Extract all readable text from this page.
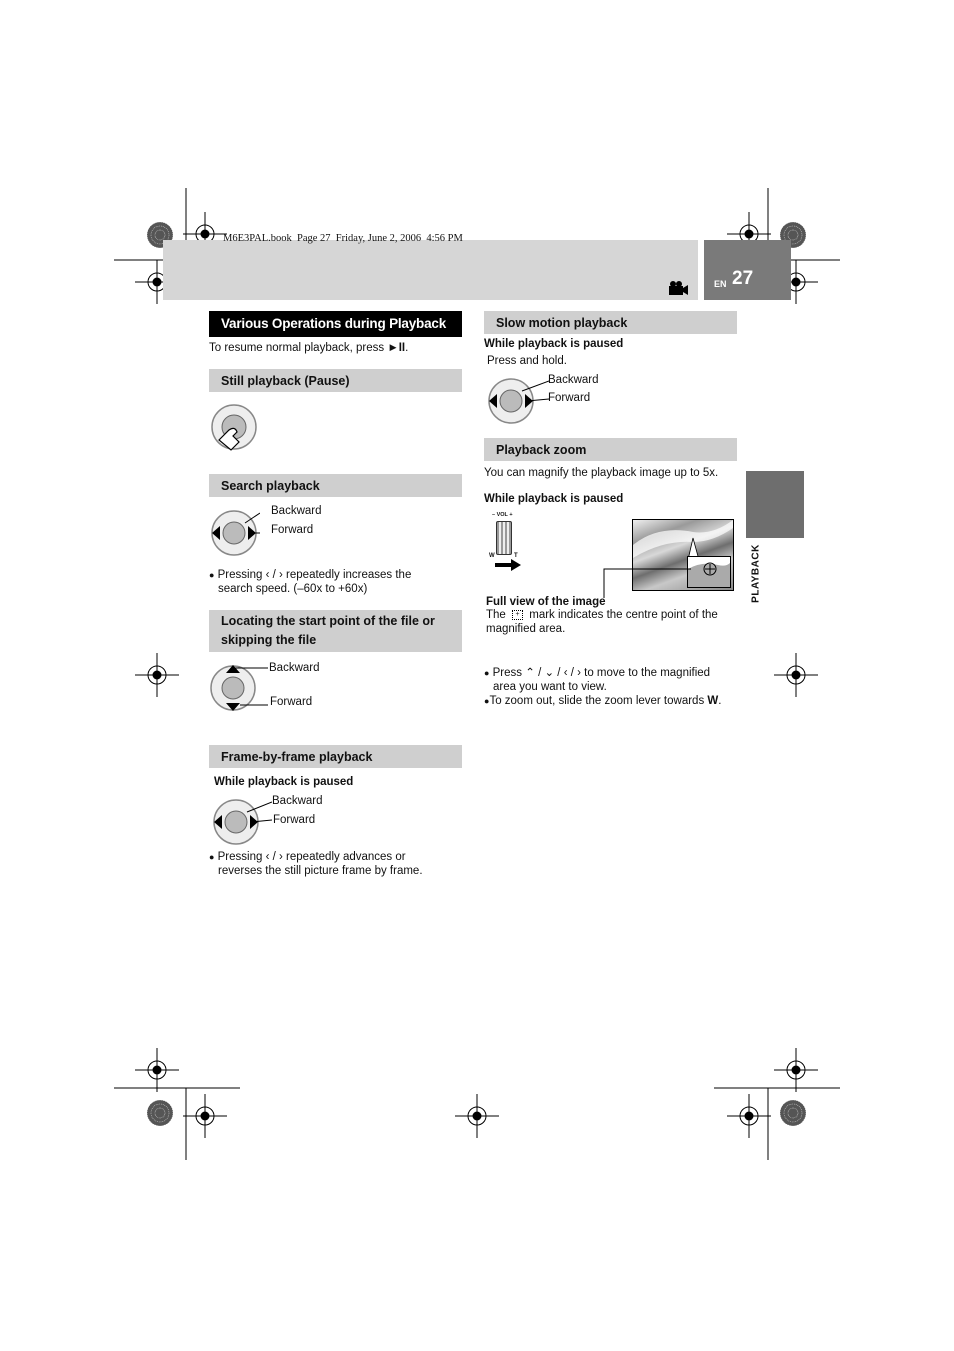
M6E3PAL.book  Page 27  Friday, June 2, 2006  4:56 PM
EN 27
PLAYBACK
Various Operations during Playback
To resume normal playback, press ►II.
Still playback (Pause)
Search playback
Backward
Forward
● Pressing ‹ / › repeatedly increases the
search speed. (–60x to +60x)
Locating the start point of the file or
skipping the file
Backward
Forward
Frame-by-frame playback
While playback is paused
Backward
Forward
● Pressing ‹ / › repeatedly advances or
reverses the still picture frame by frame.
Slow motion playback
While playback is paused
Press and hold.
Backward
Forward
Playback zoom
You can magnify the playback image up to 5x.
While playback is paused
– VOL +
W	T
Full view of the image
The + mark indicates the centre point of the
magnified area.
● Press ⌃ / ⌄ / ‹ / › to move to the magnified
area you want to view.
●To zoom out, slide the zoom lever towards W.
